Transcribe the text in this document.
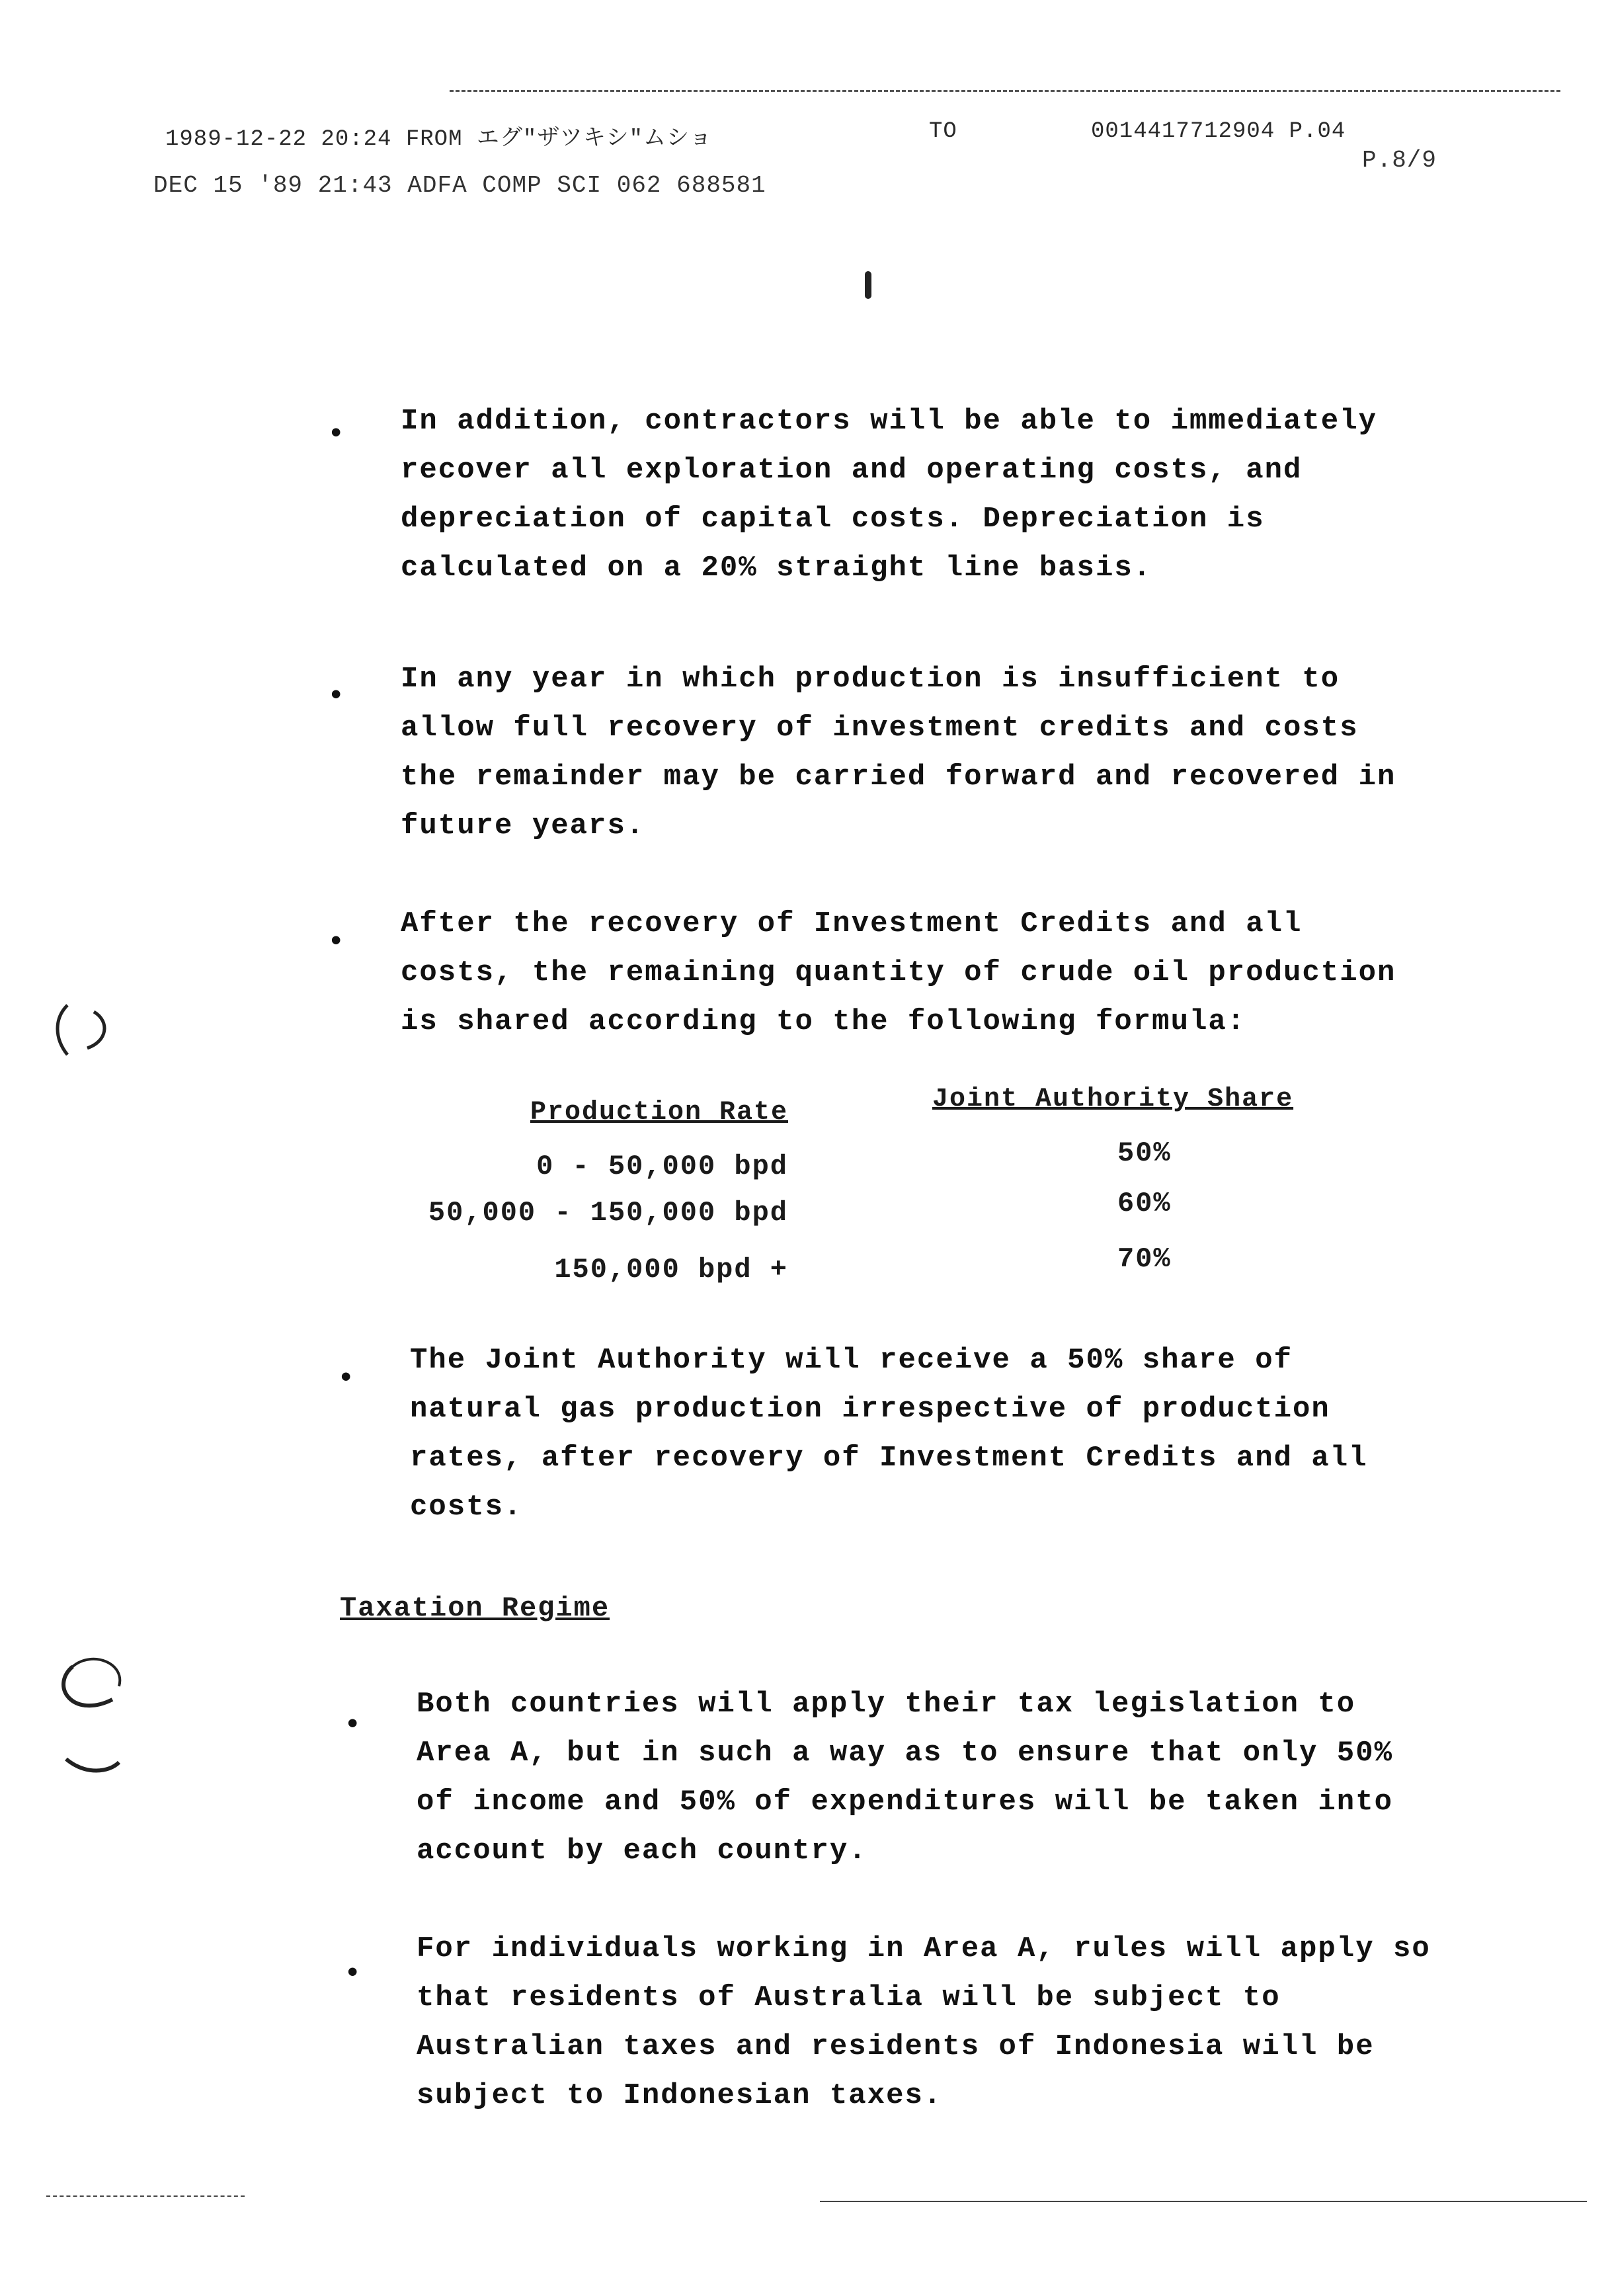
1989-12-22 20:24 FROM エグ"ザツキシ"ムショ	TO	0014417712904 P.04
DEC 15 '89 21:43 ADFA COMP SCI 062 688581
P.8/9
• In addition, contractors will be able to immediately
recover all exploration and operating costs, and
depreciation of capital costs. Depreciation is
calculated on a 20% straight line basis.
•
In any year in which production is insufficient to
allow full recovery of investment credits and costs
the remainder may be carried forward and recovered in
future years.
•
After the recovery of Investment Credits and all
costs, the remaining quantity of crude oil production
is shared according to the following formula:
Production Rate	Joint Authority Share
0 - 50,000 bpd	50%
50,000 - 150,000 bpd	60%
150,000 bpd +	70%
•
The Joint Authority will receive a 50% share of
natural gas production irrespective of production
rates, after recovery of Investment Credits and all
costs.
Taxation Regime
•
Both countries will apply their tax legislation to
Area A, but in such a way as to ensure that only 50%
of income and 50% of expenditures will be taken into
account by each country.
•
For individuals working in Area A, rules will apply so
that residents of Australia will be subject to
Australian taxes and residents of Indonesia will be
subject to Indonesian taxes.
